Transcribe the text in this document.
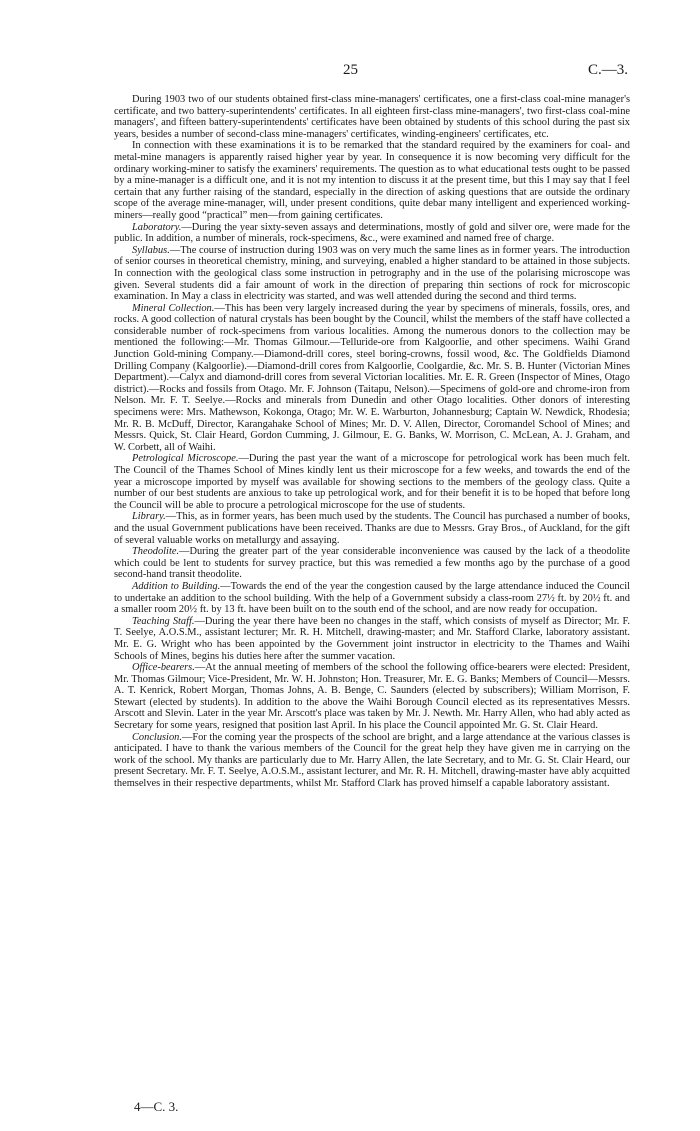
25	C.—3.

During 1903 two of our students obtained first-class mine-managers' certificates, one a first-class coal-mine manager's certificate, and two battery-superintendents' certificates. In all eighteen first-class mine-managers', two first-class coal-mine managers', and fifteen battery-superintendents' certificates have been obtained by students of this school during the past six years, besides a number of second-class mine-managers' certificates, winding-engineers' certificates, etc.

In connection with these examinations it is to be remarked that the standard required by the examiners for coal- and metal-mine managers is apparently raised higher year by year. In consequence it is now becoming very difficult for the ordinary working-miner to satisfy the examiners' requirements. The question as to what educational tests ought to be passed by a mine-manager is a difficult one, and it is not my intention to discuss it at the present time, but this I may say that I feel certain that any further raising of the standard, especially in the direction of asking questions that are outside the ordinary scope of the average mine-manager, will, under present conditions, quite debar many intelligent and experienced working-miners—really good “practical” men—from gaining certificates.

Laboratory.—During the year sixty-seven assays and determinations, mostly of gold and silver ore, were made for the public. In addition, a number of minerals, rock-specimens, &c., were examined and named free of charge.

Syllabus.—The course of instruction during 1903 was on very much the same lines as in former years. The introduction of senior courses in theoretical chemistry, mining, and surveying, enabled a higher standard to be attained in those subjects. In connection with the geological class some instruction in petrography and in the use of the polarising microscope was given. Several students did a fair amount of work in the direction of preparing thin sections of rock for microscopic examination. In May a class in electricity was started, and was well attended during the second and third terms.

Mineral Collection.—This has been very largely increased during the year by specimens of minerals, fossils, ores, and rocks. A good collection of natural crystals has been bought by the Council, whilst the members of the staff have collected a considerable number of rock-specimens from various localities. Among the numerous donors to the collection may be mentioned the following:—Mr. Thomas Gilmour.—Telluride-ore from Kalgoorlie, and other specimens. Waihi Grand Junction Gold-mining Company.—Diamond-drill cores, steel boring-crowns, fossil wood, &c. The Goldfields Diamond Drilling Company (Kalgoorlie).—Diamond-drill cores from Kalgoorlie, Coolgardie, &c. Mr. S. B. Hunter (Victorian Mines Department).—Calyx and diamond-drill cores from several Victorian localities. Mr. E. R. Green (Inspector of Mines, Otago district).—Rocks and fossils from Otago. Mr. F. Johnson (Taitapu, Nelson).—Specimens of gold-ore and chrome-iron from Nelson. Mr. F. T. Seelye.—Rocks and minerals from Dunedin and other Otago localities. Other donors of interesting specimens were: Mrs. Mathewson, Kokonga, Otago; Mr. W. E. Warburton, Johannesburg; Captain W. Newdick, Rhodesia; Mr. R. B. McDuff, Director, Karangahake School of Mines; Mr. D. V. Allen, Director, Coromandel School of Mines; and Messrs. Quick, St. Clair Heard, Gordon Cumming, J. Gilmour, E. G. Banks, W. Morrison, C. McLean, A. J. Graham, and W. Corbett, all of Waihi.

Petrological Microscope.—During the past year the want of a microscope for petrological work has been much felt. The Council of the Thames School of Mines kindly lent us their microscope for a few weeks, and towards the end of the year a microscope imported by myself was available for showing sections to the members of the geology class. Quite a number of our best students are anxious to take up petrological work, and for their benefit it is to be hoped that before long the Council will be able to procure a petrological microscope for the use of students.

Library.—This, as in former years, has been much used by the students. The Council has purchased a number of books, and the usual Government publications have been received. Thanks are due to Messrs. Gray Bros., of Auckland, for the gift of several valuable works on metallurgy and assaying.

Theodolite.—During the greater part of the year considerable inconvenience was caused by the lack of a theodolite which could be lent to students for survey practice, but this was remedied a few months ago by the purchase of a good second-hand transit theodolite.

Addition to Building.—Towards the end of the year the congestion caused by the large attendance induced the Council to undertake an addition to the school building. With the help of a Government subsidy a class-room 27½ ft. by 20½ ft. and a smaller room 20½ ft. by 13 ft. have been built on to the south end of the school, and are now ready for occupation.

Teaching Staff.—During the year there have been no changes in the staff, which consists of myself as Director; Mr. F. T. Seelye, A.O.S.M., assistant lecturer; Mr. R. H. Mitchell, drawing-master; and Mr. Stafford Clarke, laboratory assistant. Mr. E. G. Wright who has been appointed by the Government joint instructor in electricity to the Thames and Waihi Schools of Mines, begins his duties here after the summer vacation.

Office-bearers.—At the annual meeting of members of the school the following office-bearers were elected: President, Mr. Thomas Gilmour; Vice-President, Mr. W. H. Johnston; Hon. Treasurer, Mr. E. G. Banks; Members of Council—Messrs. A. T. Kenrick, Robert Morgan, Thomas Johns, A. B. Benge, C. Saunders (elected by subscribers); William Morrison, F. Stewart (elected by students). In addition to the above the Waihi Borough Council elected as its representatives Messrs. Arscott and Slevin. Later in the year Mr. Arscott's place was taken by Mr. J. Newth. Mr. Harry Allen, who had ably acted as Secretary for some years, resigned that position last April. In his place the Council appointed Mr. G. St. Clair Heard.

Conclusion.—For the coming year the prospects of the school are bright, and a large attendance at the various classes is anticipated. I have to thank the various members of the Council for the great help they have given me in carrying on the work of the school. My thanks are particularly due to Mr. Harry Allen, the late Secretary, and to Mr. G. St. Clair Heard, our present Secretary. Mr. F. T. Seelye, A.O.S.M., assistant lecturer, and Mr. R. H. Mitchell, drawing-master have ably acquitted themselves in their respective departments, whilst Mr. Stafford Clark has proved himself a capable laboratory assistant.

4—C. 3.
